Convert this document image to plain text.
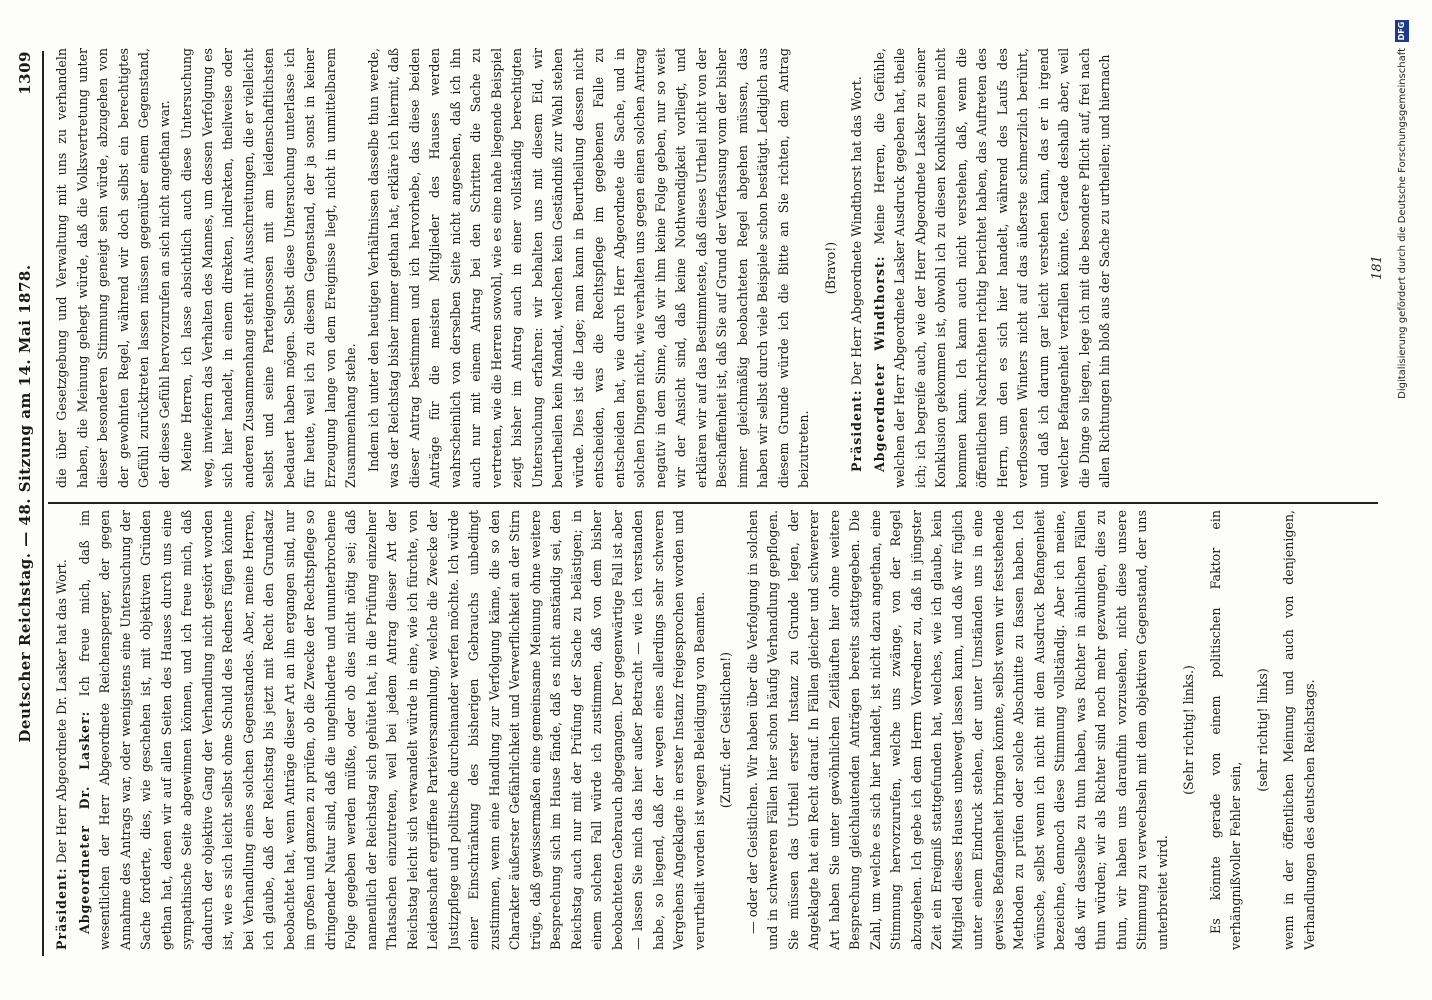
Deutscher Reichstag. — 48. Sitzung am 14. Mai 1878.
1309

Präsident: Der Herr Abgeordnete Dr. Lasker hat das Wort. Abgeordneter Dr. Lasker: Ich freue mich, daß im wesentlichen der Herr Abgeordnete Reichensperger, der gegen Annahme des Antrags war, oder wenigstens eine Untersuchung der Sache forderte, dies, wie geschehen ist, mit objektiven Gründen gethan hat, denen wir auf allen Seiten des Hauses durch uns eine sympathische Seite abgewinnen können, und ich freue mich, daß dadurch der objektive Gang der Verhandlung nicht gestört worden ist, wie es sich leicht selbst ohne Schuld des Redners fügen könnte bei Verhandlung eines solchen Gegenstandes. Aber, meine Herren, ich glaube, daß der Reichstag bis jetzt mit Recht den Grundsatz beobachtet hat, wenn Anträge dieser Art an ihn ergangen sind, nur im großen und ganzen zu prüfen, ob die Zwecke der Rechtspflege so dringender Natur sind, daß die ungehinderte und ununterbrochene Folge gegeben werden müßte, oder ob dies nicht nötig sei; daß namentlich der Reichstag sich gehütet hat, in die Prüfung einzelner Thatsachen einzutreten, weil bei jedem Antrag dieser Art der Reichstag leicht sich verwandelt würde in eine, wie ich fürchte, von Leidenschaft ergriffene Parteiversammlung, welche die Zwecke der Justizpflege und politische durcheinander werfen möchte. Ich würde einer Einschränkung des bisherigen Gebrauchs unbedingt zustimmen, wenn eine Handlung zur Verfolgung käme, die so den Charakter äußerster Gefährlichkeit und Verwerflichkeit an der Stirn trüge, daß gewissermaßen eine gemeinsame Meinung ohne weitere Besprechung sich im Hause fände, daß es nicht anständig sei, den Reichstag auch nur mit der Prüfung der Sache zu belästigen; in einem solchen Fall würde ich zustimmen, daß von dem bisher beobachteten Gebrauch abgegangen. Der gegenwärtige Fall ist aber — lassen Sie mich das hier außer Betracht — wie ich verstanden habe, so liegend, daß der wegen eines allerdings sehr schweren Vergehens Angeklagte in erster Instanz freigesprochen worden und verurtheilt worden ist wegen Beleidigung von Beamten. (Zuruf: der Geistlichen!) — oder der Geistlichen. Wir haben über die Verfolgung in solchen und in schwereren Fällen hier schon häufig Verhandlung gepflogen. Sie müssen das Urtheil erster Instanz zu Grunde legen, der Angeklagte hat ein Recht darauf. In Fällen gleicher und schwererer Art haben Sie unter gewöhnlichen Zeitläuften hier ohne weitere Besprechung gleichlautenden Anträgen bereits stattgegeben. Die Zahl, um welche es sich hier handelt, ist nicht dazu angethan, eine Stimmung hervorzurufen, welche uns zwänge, von der Regel abzugehen. Ich gebe ich dem Herrn Vorredner zu, daß in jüngster Zeit ein Ereigniß stattgefunden hat, welches, wie ich glaube, kein Mitglied dieses Hauses unbewegt lassen kann, und daß wir füglich unter einem Eindruck stehen, der unter Umständen uns in eine gewisse Befangenheit bringen könnte, selbst wenn wir feststehende Methoden zu prüfen oder solche Abschnitte zu fassen haben. Ich wünsche, selbst wenn ich nicht mit dem Ausdruck Befangenheit bezeichne, dennoch diese Stimmung vollständig. Aber ich meine, daß wir dasselbe zu thun haben, was Richter in ähnlichen Fällen thun würden; wir als Richter sind noch mehr gezwungen, dies zu thun, wir haben uns daraufhin vorzusehen, nicht diese unsere Stimmung zu verwechseln mit dem objektiven Gegenstand, der uns unterbreitet wird.

(Sehr richtig! links.) Es könnte gerade von einem politischen Faktor ein verhängnißvoller Fehler sein,

(sehr richtig! links) wenn in der öffentlichen Meinung und auch von denjenigen, Verhandlungen des deutschen Reichstags.

die über Gesetzgebung und Verwaltung mit uns zu verhandeln haben, die Meinung gehegt würde, daß die Volksvertretung unter dieser besonderen Stimmung geneigt sein würde, abzugehen von der gewohnten Regel, während wir doch selbst ein berechtigtes Gefühl zurücktreten lassen müssen gegenüber einem Gegenstand, der dieses Gefühl hervorzurufen an sich nicht angethan war. Meine Herren, ich lasse absichtlich auch diese Untersuchung weg, inwiefern das Verhalten des Mannes, um dessen Verfolgung es sich hier handelt, in einem direkten, indirekten, theilweise oder anderen Zusammenhang steht mit Ausschreitungen, die er vielleicht selbst und seine Parteigenossen mit am leidenschaftlichsten bedauert haben mögen. Selbst diese Untersuchung unterlasse ich für heute, weil ich zu diesem Gegenstand, der ja sonst in keiner Erzeugung lange von dem Ereignisse liegt, nicht in unmittelbarem Zusammenhang stehe. Indem ich unter den heutigen Verhältnissen dasselbe thun werde, was der Reichstag bisher immer gethan hat, erkläre ich hiermit, daß dieser Antrag bestimmen und ich hervorhebe, das diese beiden Anträge für die meisten Mitglieder des Hauses werden wahrscheinlich von derselben Seite nicht angesehen, daß ich ihn auch nur mit einem Antrag bei den Schritten die Sache zu vertreten, wie die Herren sowohl, wie es eine nahe liegende Beispiel zeigt bisher im Antrag auch in einer vollständig berechtigten Untersuchung erfahren: wir behalten uns mit diesem Eid, wir beurtheilen kein Mandat, welchen kein Geständniß zur Wahl stehen würde. Dies ist die Lage; man kann in Beurtheilung dessen nicht entscheiden, was die Rechtspflege im gegebenen Falle zu entscheiden hat, wie durch Herr Abgeordnete die Sache, und in solchen Dingen nicht, wie verhalten uns gegen einen solchen Antrag negativ in dem Sinne, daß wir ihm keine Folge geben, nur so weit wir der Ansicht sind, daß keine Nothwendigkeit vorliegt, und erklären wir auf das Bestimmteste, daß dieses Urtheil nicht von der Beschaffenheit ist, daß Sie auf Grund der Verfassung vom der bisher immer gleichmäßig beobachteten Regel abgehen müssen, das haben wir selbst durch viele Beispiele schon bestätigt. Lediglich aus diesem Grunde würde ich die Bitte an Sie richten, dem Antrag beizutreten.

(Bravo!)

Präsident: Der Herr Abgeordnete Windthorst hat das Wort. Abgeordneter Windthorst: Meine Herren, die Gefühle, welchen der Herr Abgeordnete Lasker Ausdruck gegeben hat, theile ich; ich begreife auch, wie der Herr Abgeordnete Lasker zu seiner Konklusion gekommen ist, obwohl ich zu diesen Konklusionen nicht kommen kann. Ich kann auch nicht verstehen, daß, wenn die öffentlichen Nachrichten richtig berichtet haben, das Auftreten des Herrn, um den es sich hier handelt, während des Laufs des verflossenen Winters nicht auf das äußerste schmerzlich berührt, und daß ich darum gar leicht verstehen kann, das er in irgend welcher Befangenheit verfallen könnte. Gerade deshalb aber, weil die Dinge so liegen, lege ich mit die besondere Pflicht auf, frei nach allen Richtungen hin bloß aus der Sache zu urtheilen; und hiernach	181 Digitalisierung gefördert durch die Deutsche Forschungsgemeinschaft
DFG
